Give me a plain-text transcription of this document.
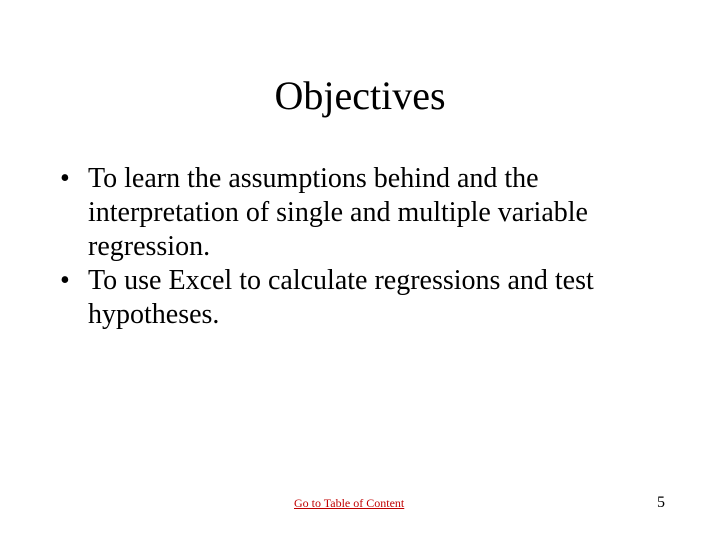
Objectives
• To learn the assumptions behind and the interpretation of single and multiple variable regression.
• To use Excel to calculate regressions and test hypotheses.
Go to Table of Content	5
